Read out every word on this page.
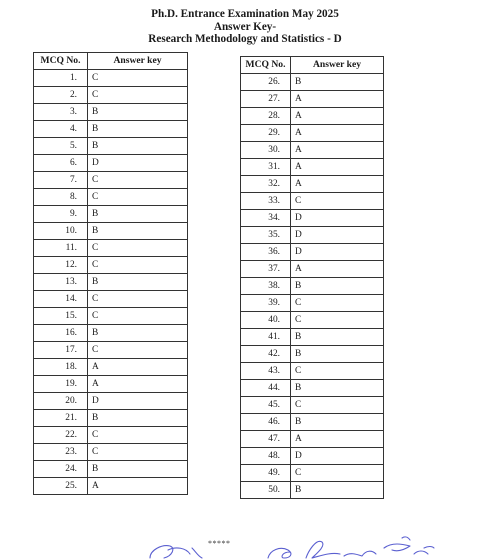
Ph.D. Entrance Examination May 2025
Answer Key-
Research Methodology and Statistics - D
MCQ No.	Answer key
1.	C
2.	C
3.	B
4.	B
5.	B
6.	D
7.	C
8.	C
9.	B
10.	B
11.	C
12.	C
13.	B
14.	C
15.	C
16.	B
17.	C
18.	A
19.	A
20.	D
21.	B
22.	C
23.	C
24.	B
25.	A
MCQ No.	Answer key
26.	B
27.	A
28.	A
29.	A
30.	A
31.	A
32.	A
33.	C
34.	D
35.	D
36.	D
37.	A
38.	B
39.	C
40.	C
41.	B
42.	B
43.	C
44.	B
45.	C
46.	B
47.	A
48.	D
49.	C
50.	B
*****
